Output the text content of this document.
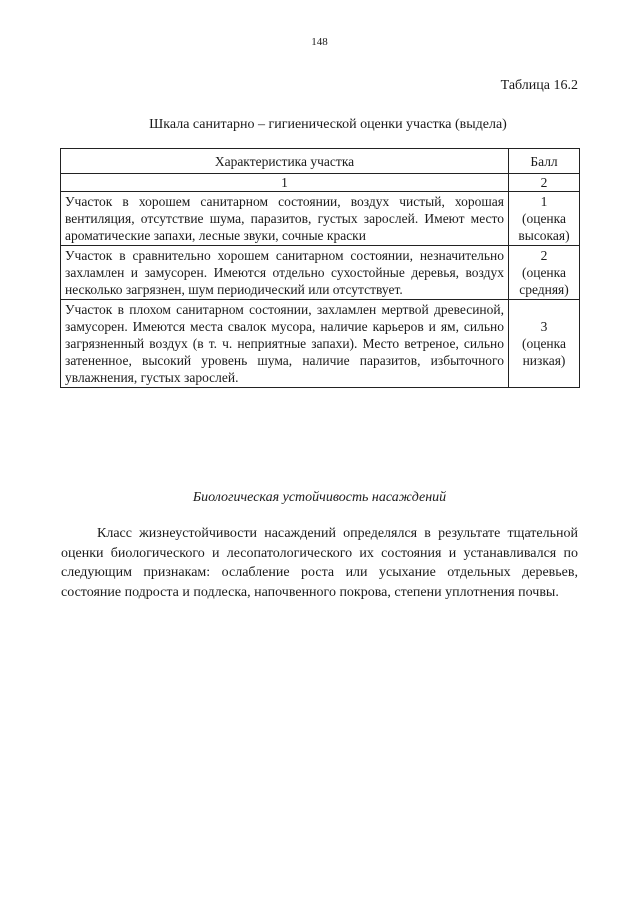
148
Таблица 16.2
Шкала санитарно – гигиенической оценки участка (выдела)
Характеристика участка	Балл
1	2
Участок в хорошем санитарном состоянии, воздух чистый, хорошая вентиляция, отсутствие шума, паразитов, густых зарослей. Имеют место ароматические запахи, лесные звуки, сочные краски	1
(оценка высокая)

Участок в сравнительно хорошем санитарном состоянии, незначительно захламлен и замусорен. Имеются отдельно сухостойные деревья, воздух несколько загрязнен, шум периодический или отсутствует.	2
(оценка средняя)

Участок в плохом санитарном состоянии, захламлен мертвой древесиной, замусорен. Имеются места свалок мусора, наличие карьеров и ям, сильно загрязненный воздух (в т. ч. неприятные запахи). Место ветреное, сильно затененное, высокий уровень шума, наличие паразитов, избыточного увлажнения, густых зарослей.	3
(оценка низкая)
Биологическая устойчивость насаждений
Класс жизнеустойчивости насаждений определялся в результате тщательной оценки биологического и лесопатологического их состояния и устанавливался по следующим признакам: ослабление роста или усыхание отдельных деревьев, состояние подроста и подлеска, напочвенного покрова, степени уплотнения почвы.
